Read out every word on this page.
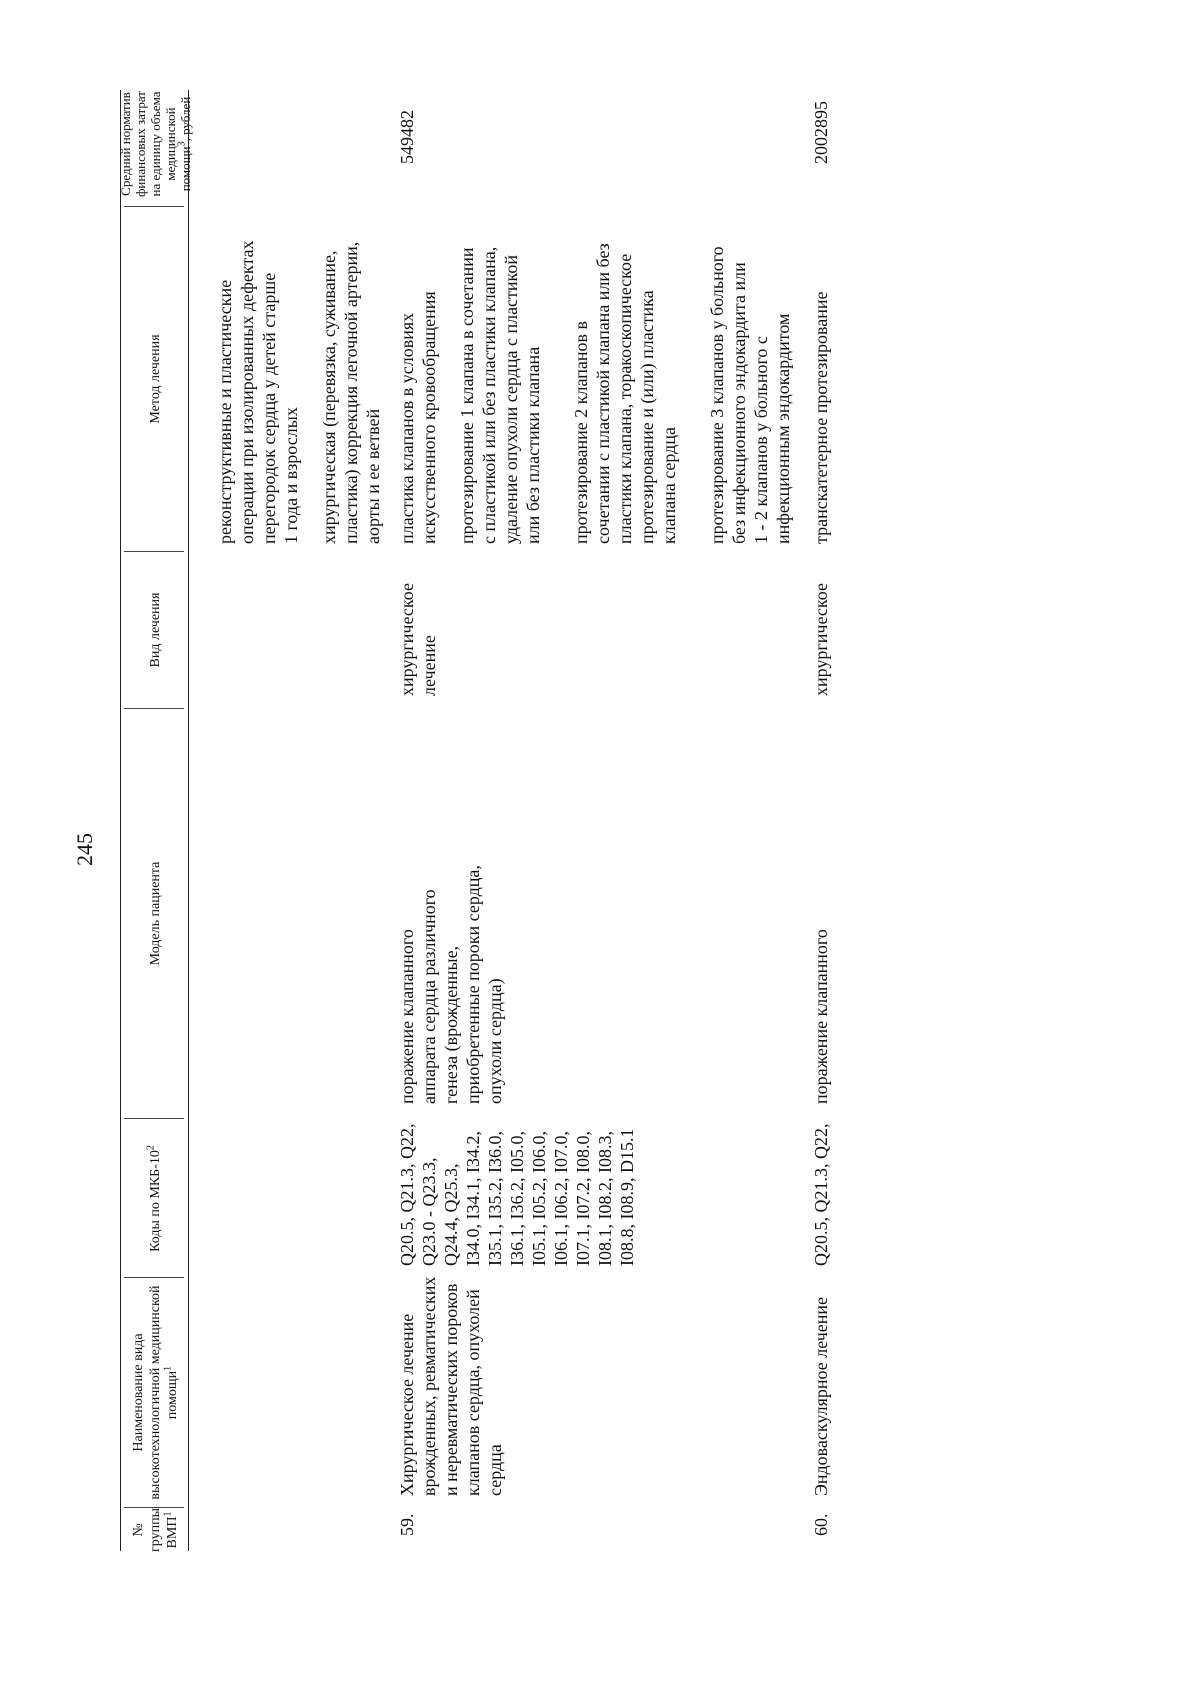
245
№ группы ВМП$^1$
Наименование вида высокотехнологичной медицинской помощи$^1$
Коды по МКБ-$10^2$
Модель пациента
Вид лечения
Метод лечения
Средний норматив финансовых затрат на единицу объема медицинской помощи$^3$, рублей
реконструктивные и пластические
операции при изолированных дефектах
перегородок сердца у детей старше
1 года и взрослых хирургическая (перевязка, суживание,
пластика) коррекция легочной артерии,
аорты и ее ветвей
59.
Хирургическое лечение
врожденных, ревматических
и неревматических пороков
клапанов сердца, опухолей
сердца
Q20.5, Q21.3, Q22,
Q23.0 - Q23.3,
Q24.4, Q25.3,
I34.0, I34.1, I34.2,
I35.1, I35.2, I36.0,
I36.1, I36.2, I05.0,
I05.1, I05.2, I06.0,
I06.1, I06.2, I07.0,
I07.1, I07.2, I08.0,
I08.1, I08.2, I08.3,
I08.8, I08.9, D15.1
поражение клапанного
аппарата сердца различного
генеза (врожденные,
приобретенные пороки сердца,
опухоли сердца)
хирургическое
лечение
пластика клапанов в условиях
искусственного кровообращения
протезирование 1 клапана в сочетании
с пластикой или без пластики клапана,
удаление опухоли сердца с пластикой
или без пластики клапана
протезирование 2 клапанов в
сочетании с пластикой клапана или без
пластики клапана, торакоскопическое
протезирование и (или) пластика
клапана сердца протезирование 3 клапанов у больного
без инфекционного эндокардита или
1 - 2 клапанов у больного с
инфекционным эндокардитом
549482
60.
Эндоваскулярное лечение
Q20.5, Q21.3, Q22,
поражение клапанного
хирургическое
транскатетерное протезирование
2002895
